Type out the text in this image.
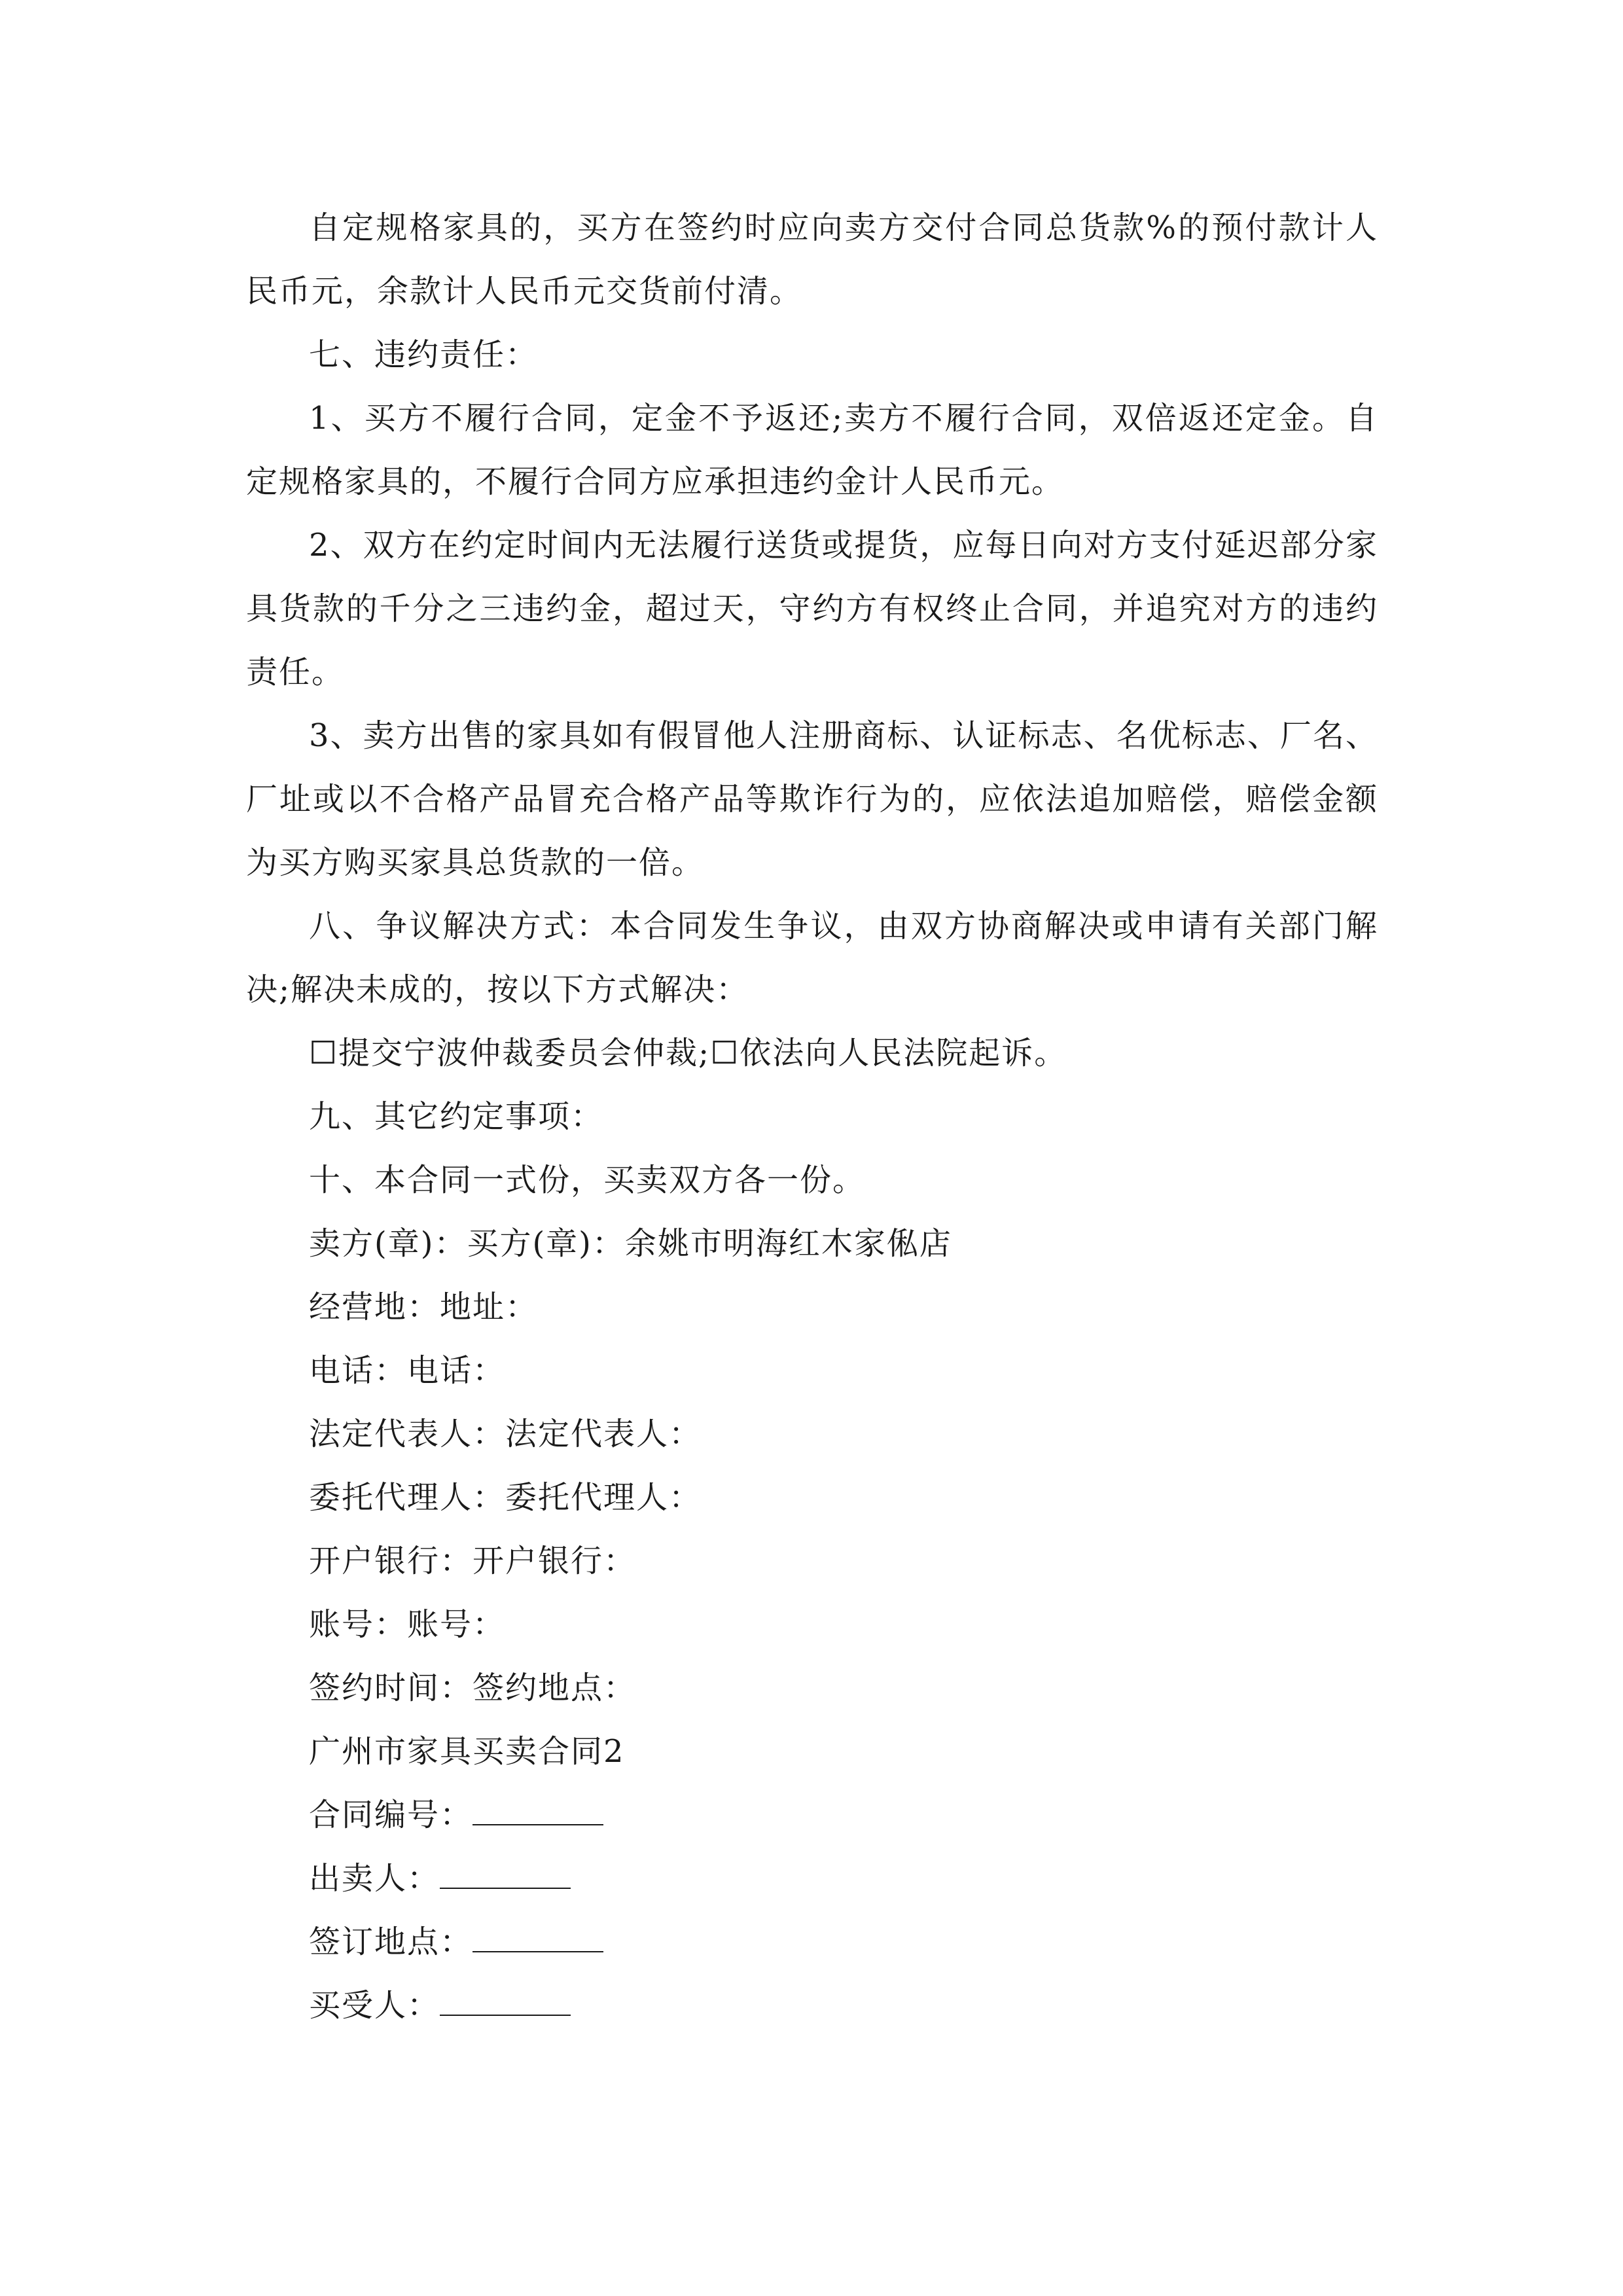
自定规格家具的，买方在签约时应向卖方交付合同总货款%的预付款计人民币元，余款计人民币元交货前付清。

七、违约责任：

1、买方不履行合同，定金不予返还;卖方不履行合同，双倍返还定金。自定规格家具的，不履行合同方应承担违约金计人民币元。

2、双方在约定时间内无法履行送货或提货，应每日向对方支付延迟部分家具货款的千分之三违约金，超过天，守约方有权终止合同，并追究对方的违约责任。

3、卖方出售的家具如有假冒他人注册商标、认证标志、名优标志、厂名、厂址或以不合格产品冒充合格产品等欺诈行为的，应依法追加赔偿，赔偿金额为买方购买家具总货款的一倍。

八、争议解决方式：本合同发生争议，由双方协商解决或申请有关部门解决;解决未成的，按以下方式解决：

☐提交宁波仲裁委员会仲裁;☐依法向人民法院起诉。

九、其它约定事项：

十、本合同一式份，买卖双方各一份。

卖方(章)：买方(章)：余姚市明海红木家俬店

经营地：地址：

电话：电话：

法定代表人：法定代表人：

委托代理人：委托代理人：

开户银行：开户银行：

账号：账号：

签约时间：签约地点：

广州市家具买卖合同2

合同编号：

出卖人：

签订地点：

买受人：
